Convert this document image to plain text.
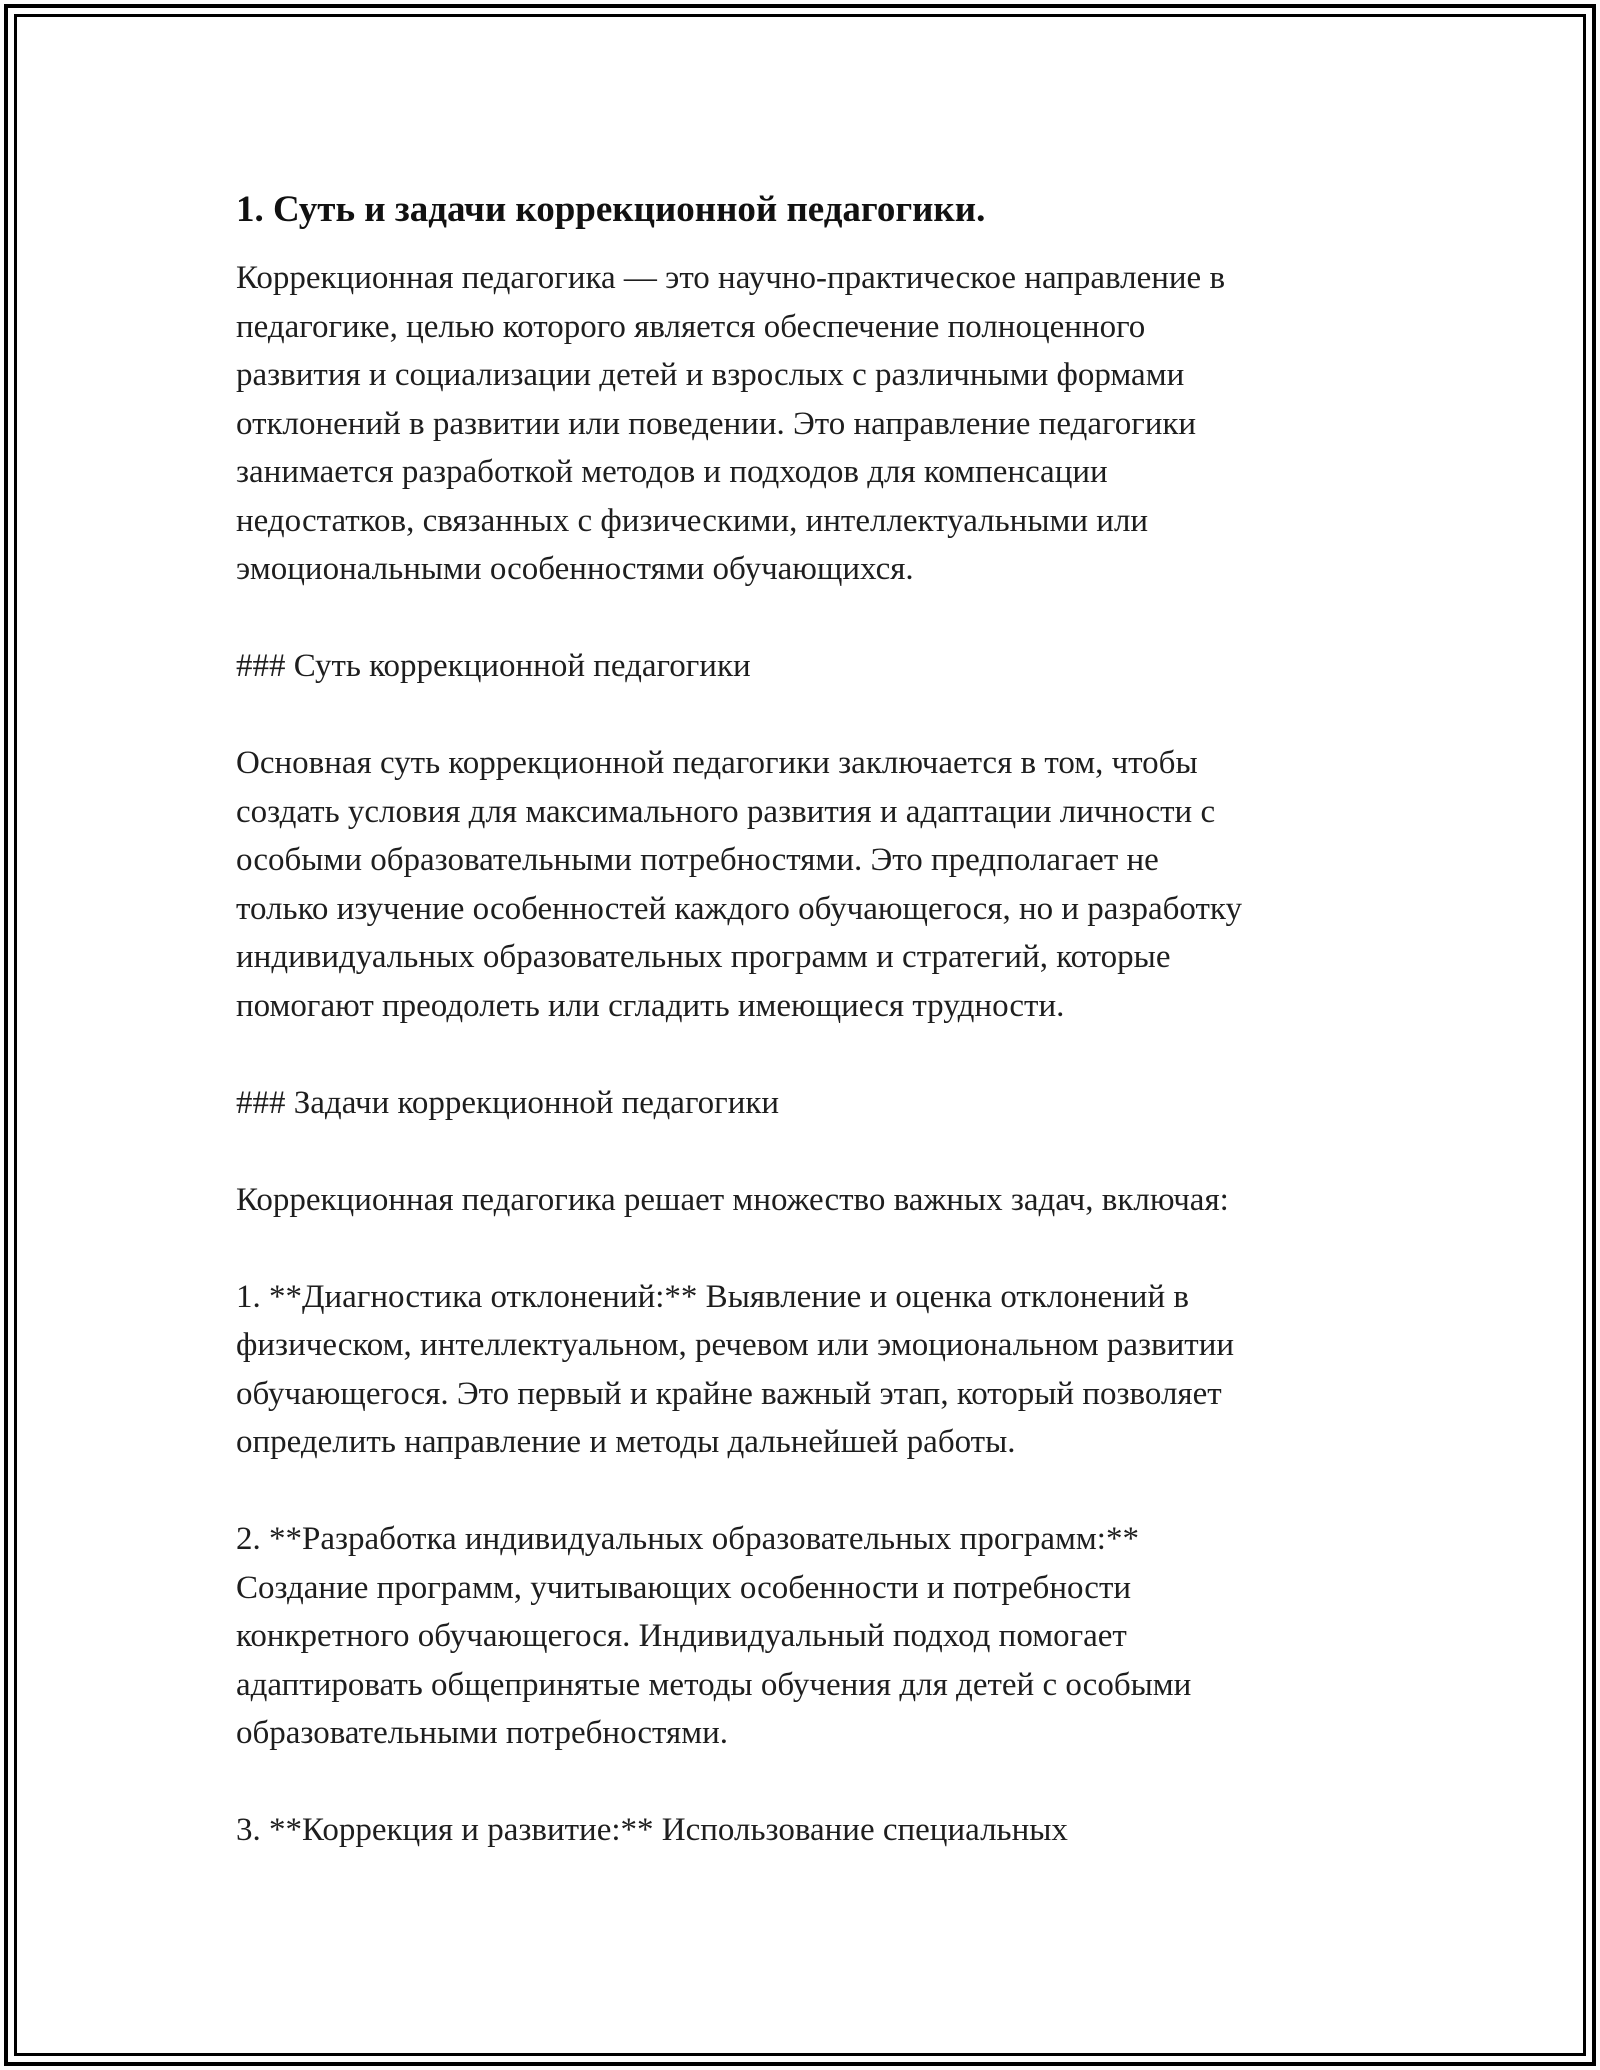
1. Суть и задачи коррекционной педагогики.

Коррекционная педагогика — это научно-практическое направление в
педагогике, целью которого является обеспечение полноценного
развития и социализации детей и взрослых с различными формами
отклонений в развитии или поведении. Это направление педагогики
занимается разработкой методов и подходов для компенсации
недостатков, связанных с физическими, интеллектуальными или
эмоциональными особенностями обучающихся.

### Суть коррекционной педагогики

Основная суть коррекционной педагогики заключается в том, чтобы
создать условия для максимального развития и адаптации личности с
особыми образовательными потребностями. Это предполагает не
только изучение особенностей каждого обучающегося, но и разработку
индивидуальных образовательных программ и стратегий, которые
помогают преодолеть или сгладить имеющиеся трудности.

### Задачи коррекционной педагогики

Коррекционная педагогика решает множество важных задач, включая:

1. **Диагностика отклонений:** Выявление и оценка отклонений в
физическом, интеллектуальном, речевом или эмоциональном развитии
обучающегося. Это первый и крайне важный этап, который позволяет
определить направление и методы дальнейшей работы.

2. **Разработка индивидуальных образовательных программ:**
Создание программ, учитывающих особенности и потребности
конкретного обучающегося. Индивидуальный подход помогает
адаптировать общепринятые методы обучения для детей с особыми
образовательными потребностями.

3. **Коррекция и развитие:** Использование специальных
